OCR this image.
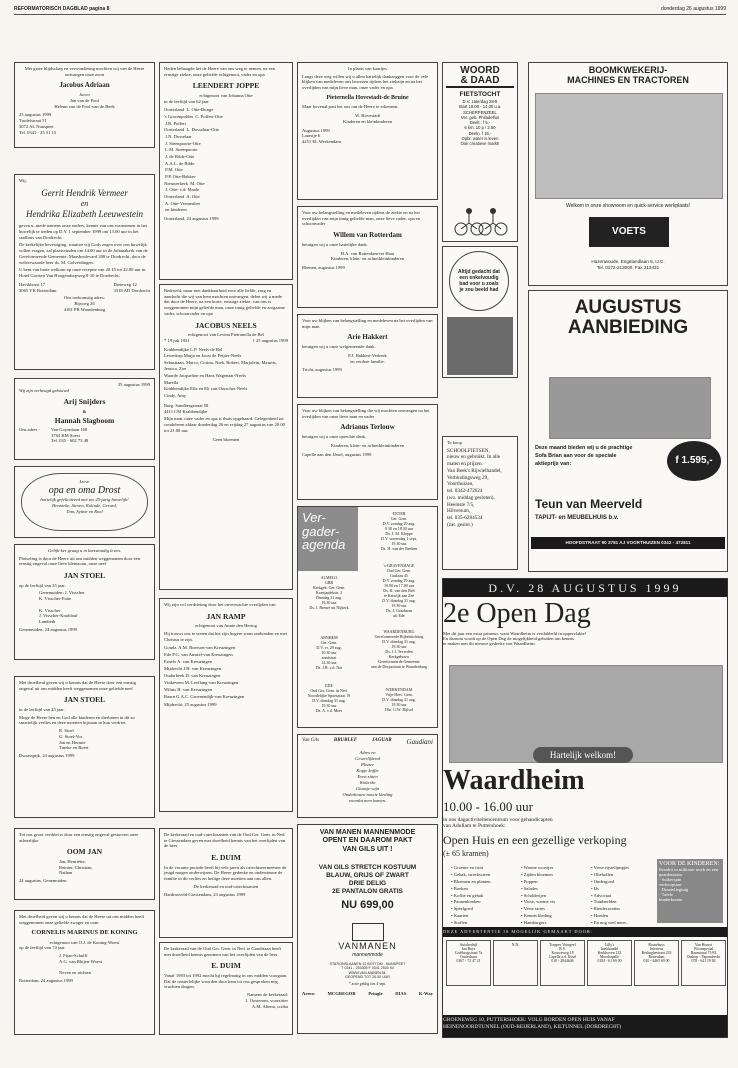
REFORMATORISCH DAGBLAD pagina 8	donderdag 26 augustus 1999
Met grote blijdschap en verwondering mochten wij van de Heere ontvangen onze zoon
Jacobus Adriaan
Jacco
Jan van de Pool
Helenn van de Pool-van de Beek
25 augustus 1999
Trudelstraat 51
3072 AL Nunspeet
Tel. 0341 - 25 51 15
Wij,
Gerrit Hendrik Vermeer
en
Hendrika Elizabeth Leeuwestein
geven u, mede namens onze ouders, kennis van ons voornemen in het huwelijk te treden op D.V. 1 september 1999 om 13.00 uur in het stadhuis van Dordrecht.
De kerkelijke bevestiging, waartoe wij Gods zegen over ons huwelijk willen vragen, zal plaatsvinden om 14.00 uur in de Julianakerk van de Gereformeerde Gemeente, Maasboulevard 208 te Dordrecht, door de weleerwaarde heer ds. M. Golverdingen.
U bent van harte welkom op onze receptie van 20.15 tot 22.00 uur in Hotel Gortsen Van Hoogendorpweg 8-10 te Dordrecht.
Havikhorst 17
3065 VK Rotterdam
Dieteweg 12
3318 AD Dordrecht
Ons toekomstig adres:
Bijvoeg 26
4181 PR Waardenburg
25 augustus 1999
Wij zijn verheugd gebouwd
Arij Snijders
&
Hannah Slagboom
Ons adres :	Van Goyenlaan 168
3764 KM Soest
Tel. 035 - 602 73 48
Lieve
opa en oma Drost
hartelijk gefeliciteerd met uw 25-jarig huwelijk!
Hennieke, Steven, Rolinde, Gerard,
Tom, Sytine en Roel
Gelijk-ker graag u in kortstondig leven.
Plotseling is door de Heere uit ons midden weggenomen door een ernstig ongeval onze lieve kleinzoon, onze neef
JAN STOEL
op de leeftijd van 25 jaar.
Genemuiden: J. Visscher
K. Visscher-Fuite

K. Visscher
J. Visscher-Knoblauf
Lambeth
Genemuiden, 24 augustus 1999
Met droefheid geven wij u kennis dat de Heere door een ernstig ongeval uit ons midden heeft weggenomen onze geliefde neef
JAN STOEL
in de leeftijd van 25 jaar.
Moge de Heere hen en God alle kinderen en dierbaren in dit zo smartelijk verlies en deze moeiten bijstaan in hun verdriet.
R. Stoel
G. Stoel-Vos
Jan en Hermie
Tineke en Boert
Dwarsspijk, 24 augustus 1999
Tot ons groot verdriet is door een ernstig ongeval gestorven onze achterlijke
OOM JAN
Jan, Henriëtte,
Reinier, Christian,
Nathan
24 augustus, Genemuiden
Met droefheid geven wij u kennis dat de Heere uit ons midden heeft weggenomen onze geliefde zwager en oom
CORNELIS MARINUS DE KONING
echtgenoot van O.J. de Koning-Woest
op de leeftijd van 74 jaar
J. Fijan-Schulff
A.G. van Rhijen-Woest

Neven en nichten
Rotterdam, 24 augustus 1999
Heden behaagde het de Heere van ons weg te nemen, na een ernstige ziekte, onze geliefde echtgenoot, vader en opa
LEENDERT JOPPE
echtgenoot van Johanna Otte
in de leeftijd van 62 jaar.
Oosterland  L. Otte-Donge
's Gravenpolder  C. Poffert-Otte
J.B. Poffert
Oosterland  L. Dosselaar-Otte
J.N. Dosselaar
J. Steenpoorte-Otte
L.M. Steenpoorte
J. de Bilde-Otte
A.A.L. de Bilde
P.M. Otte
P.P. Otte-Bakker
Nieuwerkerk  M. Otte
J. Otte- v.d. Maale
Oosterland  A. Otte
A. Otte-Vermeulen
en kinderen
Oosterland, 24 augustus 1999
Bedroefd, maar met dankbaarheid voor alle liefde, zorg en aandacht die wij van hem mochten ontvangen, delen wij u mede dat door de Heere, na een korte, ernstige ziekte, van ons is weggenomen mijn geliefde man, onze innig geliefde en zorgzame vader, schoonvader en opa
JACOBUS NEELS
echtgenoot van Levina Pietronella de Bel
* 19 juli 1931	† 25 augustus 1999
Krabbendijke L.P. Neels-de Bel
Lewedorp Marja en Joost de Feijter-Neels
Sebastiaan, Marco, Corina, Niek, Robert, Marjolein, Maurits, Jessica, Zoe
Waarde Jacqueline en Hans Wagenaar-Neels
Marella
Krabbendijke Ella en Eli van Oorschot-Neels
Cindy, Amy
Burg. Sandbergstraat 58
4411 CM Krabbendijke
Mijn man, onze vader en opa is thuis opgebaard. Gelegenheid tot condoleren aldaar donderdag 26 en vrijdag 27 augustus van 20.00 tot 21.00 uur.
Geen bloemen
Wij zijn vol verdrieting door het onverwachte overlijden van
JAN RAMP
echtgenoot van Annie den Hertog
Hij trouwt ons te weten dat het zijn hogere soms ontbonden en met Christus te zijn.
Goudz. A.M. Boerson-van Kreuzingen
Ede P.G. van Amstel-van Kreuzingen
Ernelo A. van Kreuzingen
Mijdrecht J.H. van Kreuzingen
Oudorbeek D. van Kreuzingen
Vinkeveen M. Leeflang-van Kreuzingen
Wilnis H. van Kreuzingen
Baarn G.A.C. Groenendijk-van Kreuzingen
Mijdrecht, 25 augustus 1999
De kerkeraad en oud-catechisanten van de Oud Ger. Gem. in Ned. te Giessendam geven met droefheid kennis van het overlijden van de heer
E. DUIM
In de vacante periode heeft hij vele jaren als catechiseermeester de jeugd mogen onderwijzen. De Heere gedenke en ondersteune de familie in dit verlies en heilige deze moeiten aan ons allen.
De kerkeraad en oud-catechisanten
Hardinxveld-Giessendam, 23 augustus 1999
De kerkeraad van de Oud Ger. Gem. in Ned. te Goudriaan heeft met droefheid kennis genomen van het overlijden van de heer
E. DUIM
Vanaf 1983 tot 1992 mocht hij regelmatig in ons midden voorgaan. Dat de onsterfelijke woorden door hem tot ons gesproken nog vruchten dragen.
Namens de kerkeraad:
J. Oosterom, voorzitter
A.M. Altena, scriba
In plaats van kaartjes
Langs deze weg willen wij u allen hartelijk dankzeggen voor de vele blijken van medeleven ons bewezen tijdens het ziekzijn en na het overlijden van mijn lieve man, onze vader en opa
Pieternella Hovestadt-de Bruine
Maar bovenal past het ons om de Heere te erkennen.
W. Hovestadt
Kinderen en kleinkinderen
Augustus 1999
Laarstje 6
4251 EL Werkendam
Voor uw belangstelling en medeleven tijdens de ziekte en na het overlijden van mijn innig geliefde man, onze lieve vader, opa en schoonvader
Willem van Rotterdam
betuigen wij u onze hartelijke dank.
H.A. van Rotterdam-ter Haar
Kinderen, klein- en achterkleinkinderen
Rhenen, augustus 1999
Voor uw blijken van belangstelling en medeleven na het overlijden van mijn man
Arie Hakkert
betuigen wij u onze welgemeende dank.
P.J. Hakkert-Verbeek
en verdere familie.
Tricht, augustus 1999
Voor uw blijken van belangstelling die wij mochten ontvangen na het overlijden van onze lieve man en vader
Adrianus Terlouw
betuigen wij u onze oprechte dank.
Kinderen, klein- en achterkleinkinderen
Capelle aan den IJssel, augustus 1999
Ver-
gader-
agenda
ALMELO
GBB
Kerkgeb. Ger. Gem.
Koenjaplekstr. 2
Dinsdag 31 aug.
19.30 uur
Ds. J. Breure uit Nijkerk
ARNHEM
Ger. Gem.
D.V. vr. 29 aug.
10.30 uur
zondstrat
14.30 uur
Ds. J.B. v.d. Net
EDE
Oud Ger. Gem. in Ned.
Noordelijke Sportstraat 19
D.V. dinsdag 31 aug.
19.30 uur
Ds. A. v.d. Meer
ENTER
Ger. Gem.
D.V. zondag 29 aug.
9.30 en 18.30 uur
Ds. J. M. Kloppe
D.V. woensdag 1 sept.
19.30 uur
Ds. H. van der Beeken
's-GRAVENHAGE
Oud Ger. Gem.
Gaslaan 45
D.V. zondag 29 aug.
10.00 en 17.00 uur
Ds. K. van den Belt
te Katwijk aan Zee
D.V. dinsdag 31 aug.
19.30 uur
Ds. J. Graafman
uit Ede
WAARDENBURG
Gereformeerde Bijbelstichting
D.V. dinsdag 31 aug.
19.30 uur
Ds. J.J. Tevreden
Kerkgebouw
Gereformeerde Gemeente
aan de Dorpsstraat te Waardenburg
WERKENDAM
Vrije Herv. Gem.
D.V. dinsdag 31 aug.
19.30 uur
Dhr. G.W. Bijlsol
Van Gils	BRUBLEF	JAGUAR Gaudiani
Adres en
Gewerlijkend
Plezier
Kopje koffie
Even zitten
Wolterke
Glaasje wijn
Onderhouen mooie kleding
voordat men komen.
VAN MANEN MANNENMODE
OPENT EN DAAROM PAKT
VAN GILS UIT !
VAN GILS STRETCH KOSTUUM
BLAUW, GRIJS OF ZWART
DRIE DELIG
2E PANTALON GRATIS
NU 699,00
VANMANEN
mannenmode
STATIONSLAANEN 12 BOTTOM - NUNSPEET
T 0341 - 253305 F 0341 2530 94
WWW.VAN-MANEN.NL
GEOPEND TOT 20.00 UUR
* actie geldig t/m 4 sept.
Arrow	MCGREGOR	Pringle	DIAS	K-Way
WOORD
& DAAD
FIETSTOCHT
D.V. zaterdag 28-8
Start 10.00 - 14.00 u.a.
SCHERPENZEEL
Ver. geb. Philadelfus
Deelt.: f 5,-
6 km: 10 p / 2.50
Deeln. f 15,-
Opbr. water is leven
Ook creatieve markt!
Altijd gedacht dat een enkelvoudig bad voor u zoals je zou beeld had
Te koop
SCHOOLFIETSEN,
nieuw en gebruikt. In alle maten en prijzen.
Van Beek's Rijwielhandel,
Verbindingsweg 29, Voorthuizen,
tel. 0342-472624
(wo. middag gesloten).
Heemste 7/5,
Hilversum,
tel. 035-6284534
(zat. geslot.)
BOOMKWEKERIJ-
MACHINES EN TRACTOREN
Welkom in onze showroom en quick-service werkplaats!
VOETS
Hazenwoude, Engelandlaan 8, IJ.C.
Tel. 0172-213000, Fax 213431
AUGUSTUS AANBIEDING
Deze maand bieden wij u de prachtige
Sofa Brian aan voor de speciale
aktieprijs van:	f 1.595,-
Teun van Meerveld
TAPIJT- en MEUBELHUIS b.v.
HOOFDSTRAAT 90 3781 AJ VOORTHUIZEN 0342 - 472811
D.V. 28 AUGUSTUS 1999
2e Open Dag
Met dit jaar een extra primeur, want Waardheim is verdubbeld in oppervlakte!
En daarom wordt op de Open Dag de mogelijkheid geboden om kennis
te maken met dit nieuwe gedeelte van Waardheim.
Hartelijk welkom!
Waardheim
10.00 - 16.00 uur
in ons dagactiviteitencentrum voor gehandicapten
van Adullam te Puttershoek:
Open Huis en een gezellige verkoping
(± 65 kramen)
• Groente en fruit
• Gebak, streekwaren
• Bloemen en planten
• Boeken
• Koffie en gebak
• Pannenkoeken
• Speelgoed
• Kaarten
• Stoffen
• Warme worstjes
• Zijden bloemen
• Poppen
• Salades
• Schilderijen
• Verse, warme vis
• Verse taries
• Kennis kleding
• Hamburgers
• Verse rijstelijmpjes
• Oliebollen
• Ondergoed
• IJs
• Advocaat
• Tuinbeelden
• Rietdecoraties
• Hoeden
• En nog veel meer..
VOOR DE KINDEREN:
Rondrit in militaire truck en een paardentram
- Suikerspin
verkoopstan
- Draaivliegtuig
- Tafele
kinderkraam
DEZE ADVERTENTIE IS MOGELIJK GEMAAKT DOOR:
Autobedrijf
Jan Buys
Griftbrugstraat 7a
Oosterbuur
0167 - 72 47 21
N.N.	Trepper Voorgeel
B.V.
Kouweweg 18
Capelle a.d. IJssel
010 - 2844646
Lilly's
boekhandel
Kerkhoven 123
Moerkapelle
0184 - 61 69 00
Bouwhuys
Interieur
Berlinghestraat 233
Rotterdam
010 - 4465 69 00
Van Hoorst
Woonspecial
Baanstraat 71/63
Oudorp - Papendrecht
078 - 641 19 84
GROENEWEG 10, PUTTERSHOEK: VOLG BORDEN OPEN HUIS VANAF
HEINENOORDTUNNEL (OUD-BEIJERLAND), KILTUNNEL (DORDRECHT)
